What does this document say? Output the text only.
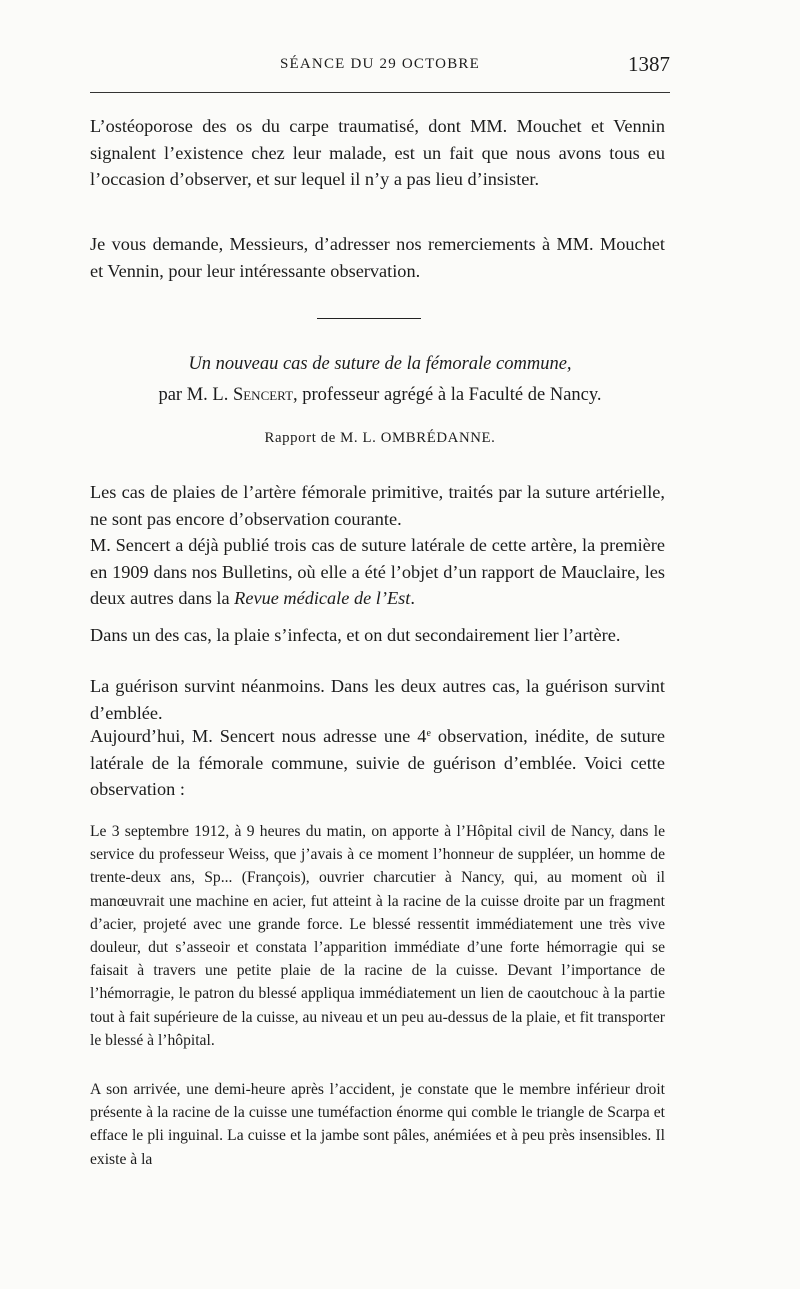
SÉANCE DU 29 OCTOBRE	1387

L’ostéoporose des os du carpe traumatisé, dont MM. Mouchet et Vennin signalent l’existence chez leur malade, est un fait que nous avons tous eu l’occasion d’observer, et sur lequel il n’y a pas lieu d’insister.

Je vous demande, Messieurs, d’adresser nos remerciements à MM. Mouchet et Vennin, pour leur intéressante observation.

Un nouveau cas de suture de la fémorale commune,
par M. L. Sencert, professeur agrégé à la Faculté de Nancy.
Rapport de M. L. OMBRÉDANNE.

Les cas de plaies de l’artère fémorale primitive, traités par la suture artérielle, ne sont pas encore d’observation courante.

M. Sencert a déjà publié trois cas de suture latérale de cette artère, la première en 1909 dans nos Bulletins, où elle a été l’objet d’un rapport de Mauclaire, les deux autres dans la Revue médicale de l’Est.

Dans un des cas, la plaie s’infecta, et on dut secondairement lier l’artère.

La guérison survint néanmoins. Dans les deux autres cas, la guérison survint d’emblée.

Aujourd’hui, M. Sencert nous adresse une 4e observation, inédite, de suture latérale de la fémorale commune, suivie de guérison d’emblée. Voici cette observation :

Le 3 septembre 1912, à 9 heures du matin, on apporte à l’Hôpital civil de Nancy, dans le service du professeur Weiss, que j’avais à ce moment l’honneur de suppléer, un homme de trente-deux ans, Sp... (François), ouvrier charcutier à Nancy, qui, au moment où il manœuvrait une machine en acier, fut atteint à la racine de la cuisse droite par un fragment d’acier, projeté avec une grande force. Le blessé ressentit immédiatement une très vive douleur, dut s’asseoir et constata l’apparition immédiate d’une forte hémorragie qui se faisait à travers une petite plaie de la racine de la cuisse. Devant l’importance de l’hémorragie, le patron du blessé appliqua immédiatement un lien de caoutchouc à la partie tout à fait supérieure de la cuisse, au niveau et un peu au-dessus de la plaie, et fit transporter le blessé à l’hôpital.

A son arrivée, une demi-heure après l’accident, je constate que le membre inférieur droit présente à la racine de la cuisse une tuméfaction énorme qui comble le triangle de Scarpa et efface le pli inguinal. La cuisse et la jambe sont pâles, anémiées et à peu près insensibles. Il existe à la
